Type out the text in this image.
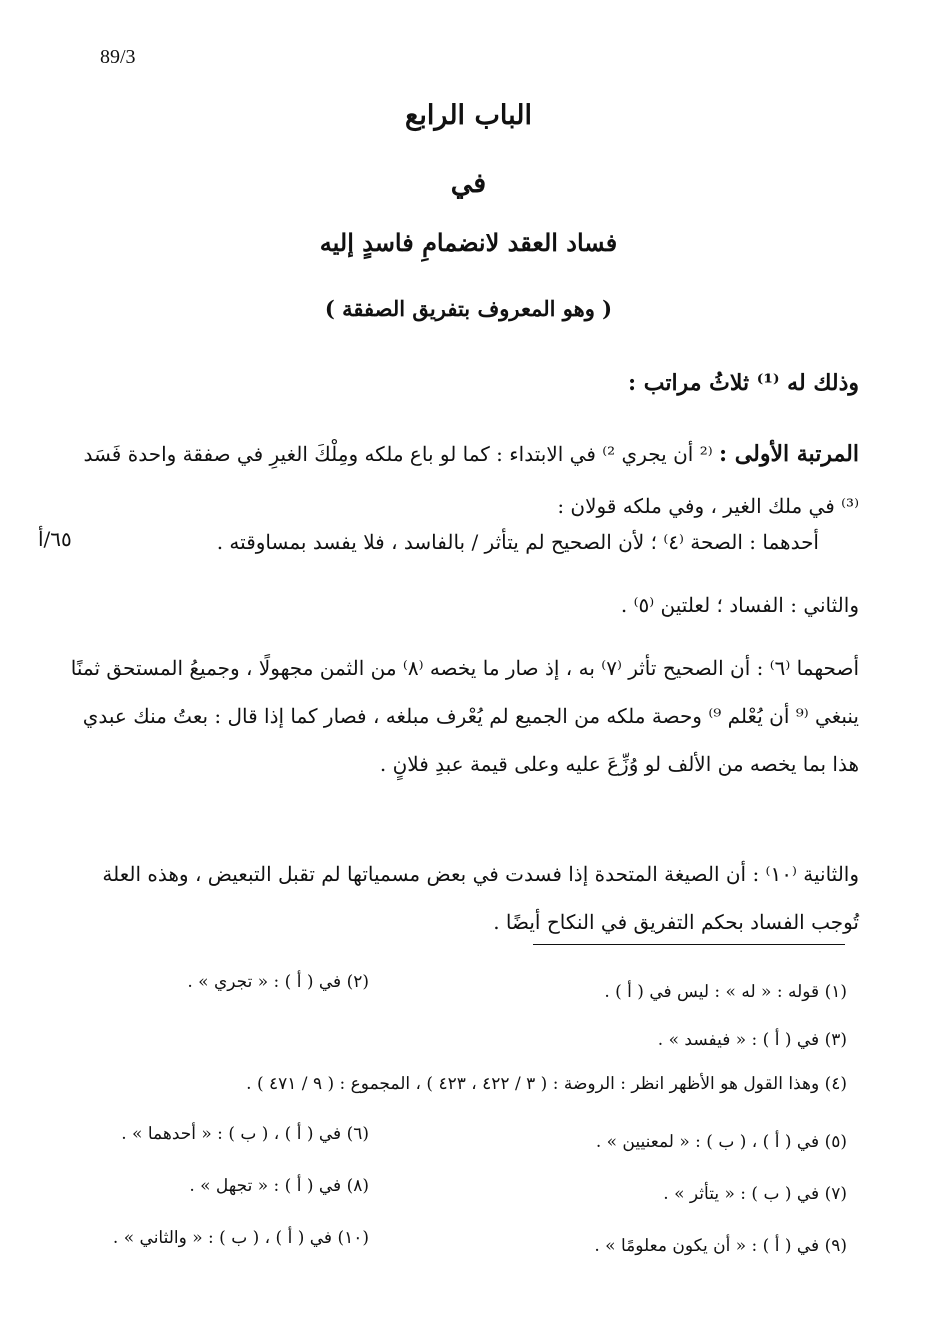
89/3
الباب الرابع
في
فساد العقد لانضمامِ فاسدٍ إليه
( وهو المعروف بتفريق الصفقة )
وذلك له ⁽¹⁾ ثلاثُ مراتب :
المرتبة الأولى : ⁽² أن يجري ²⁾ في الابتداء : كما لو باع ملكه ومِلْكَ الغيرِ في صفقة واحدة فَسَد ⁽³⁾ في ملك الغير ، وفي ملكه قولان :
أحدهما : الصحة ⁽٤⁾ ؛ لأن الصحيح لم يتأثر / بالفاسد ، فلا يفسد بمساوقته .
٦٥/أ
والثاني : الفساد ؛ لعلتين ⁽٥⁾ .
أصحهما ⁽٦⁾ : أن الصحيح تأثر ⁽٧⁾ به ، إذ صار ما يخصه ⁽٨⁾ من الثمن مجهولًا ، وجميعُ المستحق ثمنًا ينبغي ⁽⁹ أن يُعْلم ⁹⁾ وحصة ملكه من الجميع لم يُعْرف مبلغه ، فصار كما إذا قال : بعتُ منك عبدي هذا بما يخصه من الألف لو وُزِّعَ عليه وعلى قيمة عبدِ فلانٍ .
والثانية ⁽١٠⁾ : أن الصيغة المتحدة إذا فسدت في بعض مسمياتها لم تقبل التبعيض ، وهذه العلة تُوجب الفساد بحكم التفريق في النكاح أيضًا .
(١) قوله : « له » : ليس في ( أ ) .
(٢) في ( أ ) : « تجري » .
(٣) في ( أ ) : « فيفسد » .
(٤) وهذا القول هو الأظهر انظر : الروضة : ( ٣ / ٤٢٢ ، ٤٢٣ ) ، المجموع : ( ٩ / ٤٧١ ) .
(٥) في ( أ ) ، ( ب ) : « لمعنيين » .
(٦) في ( أ ) ، ( ب ) : « أحدهما » .
(٧) في ( ب ) : « يتأثر » .
(٨) في ( أ ) : « تجهل » .
(٩) في ( أ ) : « أن يكون معلومًا » .
(١٠) في ( أ ) ، ( ب ) : « والثاني » .
